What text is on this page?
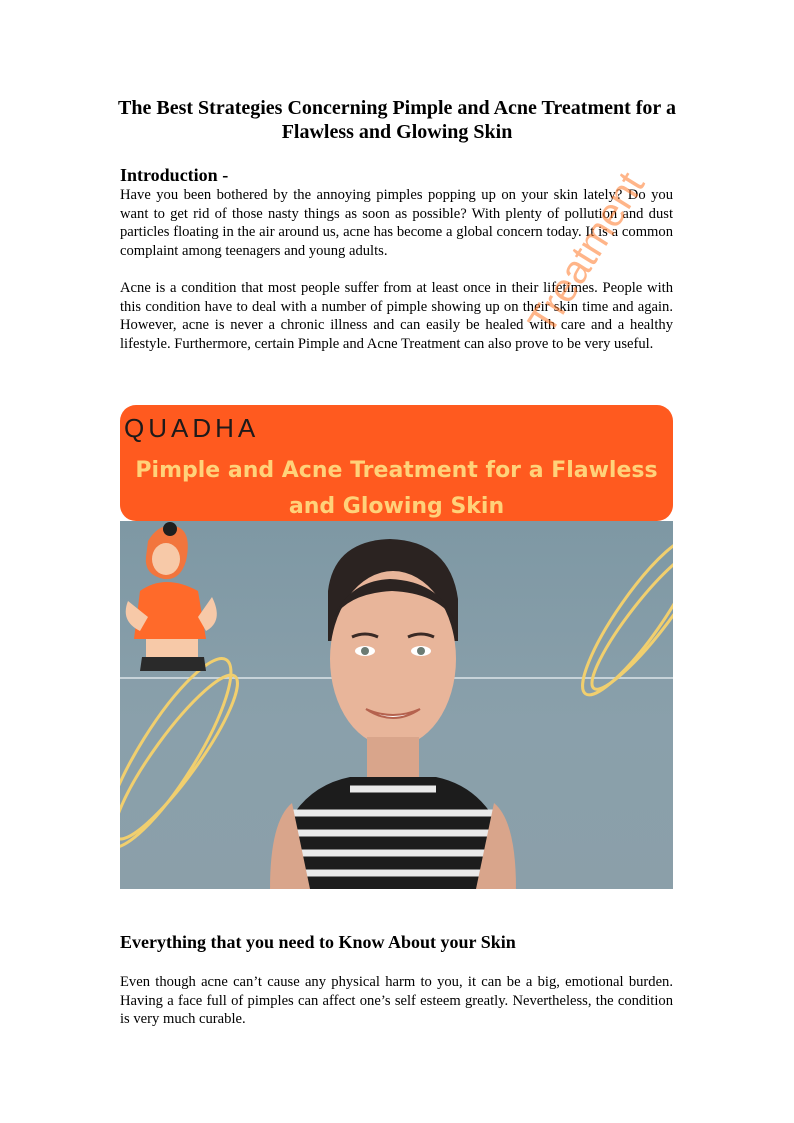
The Best Strategies Concerning Pimple and Acne Treatment for a Flawless and Glowing Skin
Introduction -
Have you been bothered by the annoying pimples popping up on your skin lately? Do you want to get rid of those nasty things as soon as possible? With plenty of pollution and dust particles floating in the air around us, acne has become a global concern today. It is a common complaint among teenagers and young adults.
Acne is a condition that most people suffer from at least once in their lifetimes. People with this condition have to deal with a number of pimple showing up on their skin time and again. However, acne is never a chronic illness and can easily be healed with care and a healthy lifestyle. Furthermore, certain Pimple and Acne Treatment can also prove to be very useful.
Treatment
QUADHA
Pimple and Acne Treatment for a Flawless and Glowing Skin
Everything that you need to Know About your Skin
Even though acne can’t cause any physical harm to you, it can be a big, emotional burden. Having a face full of pimples can affect one’s self esteem greatly. Nevertheless, the condition is very much curable.
